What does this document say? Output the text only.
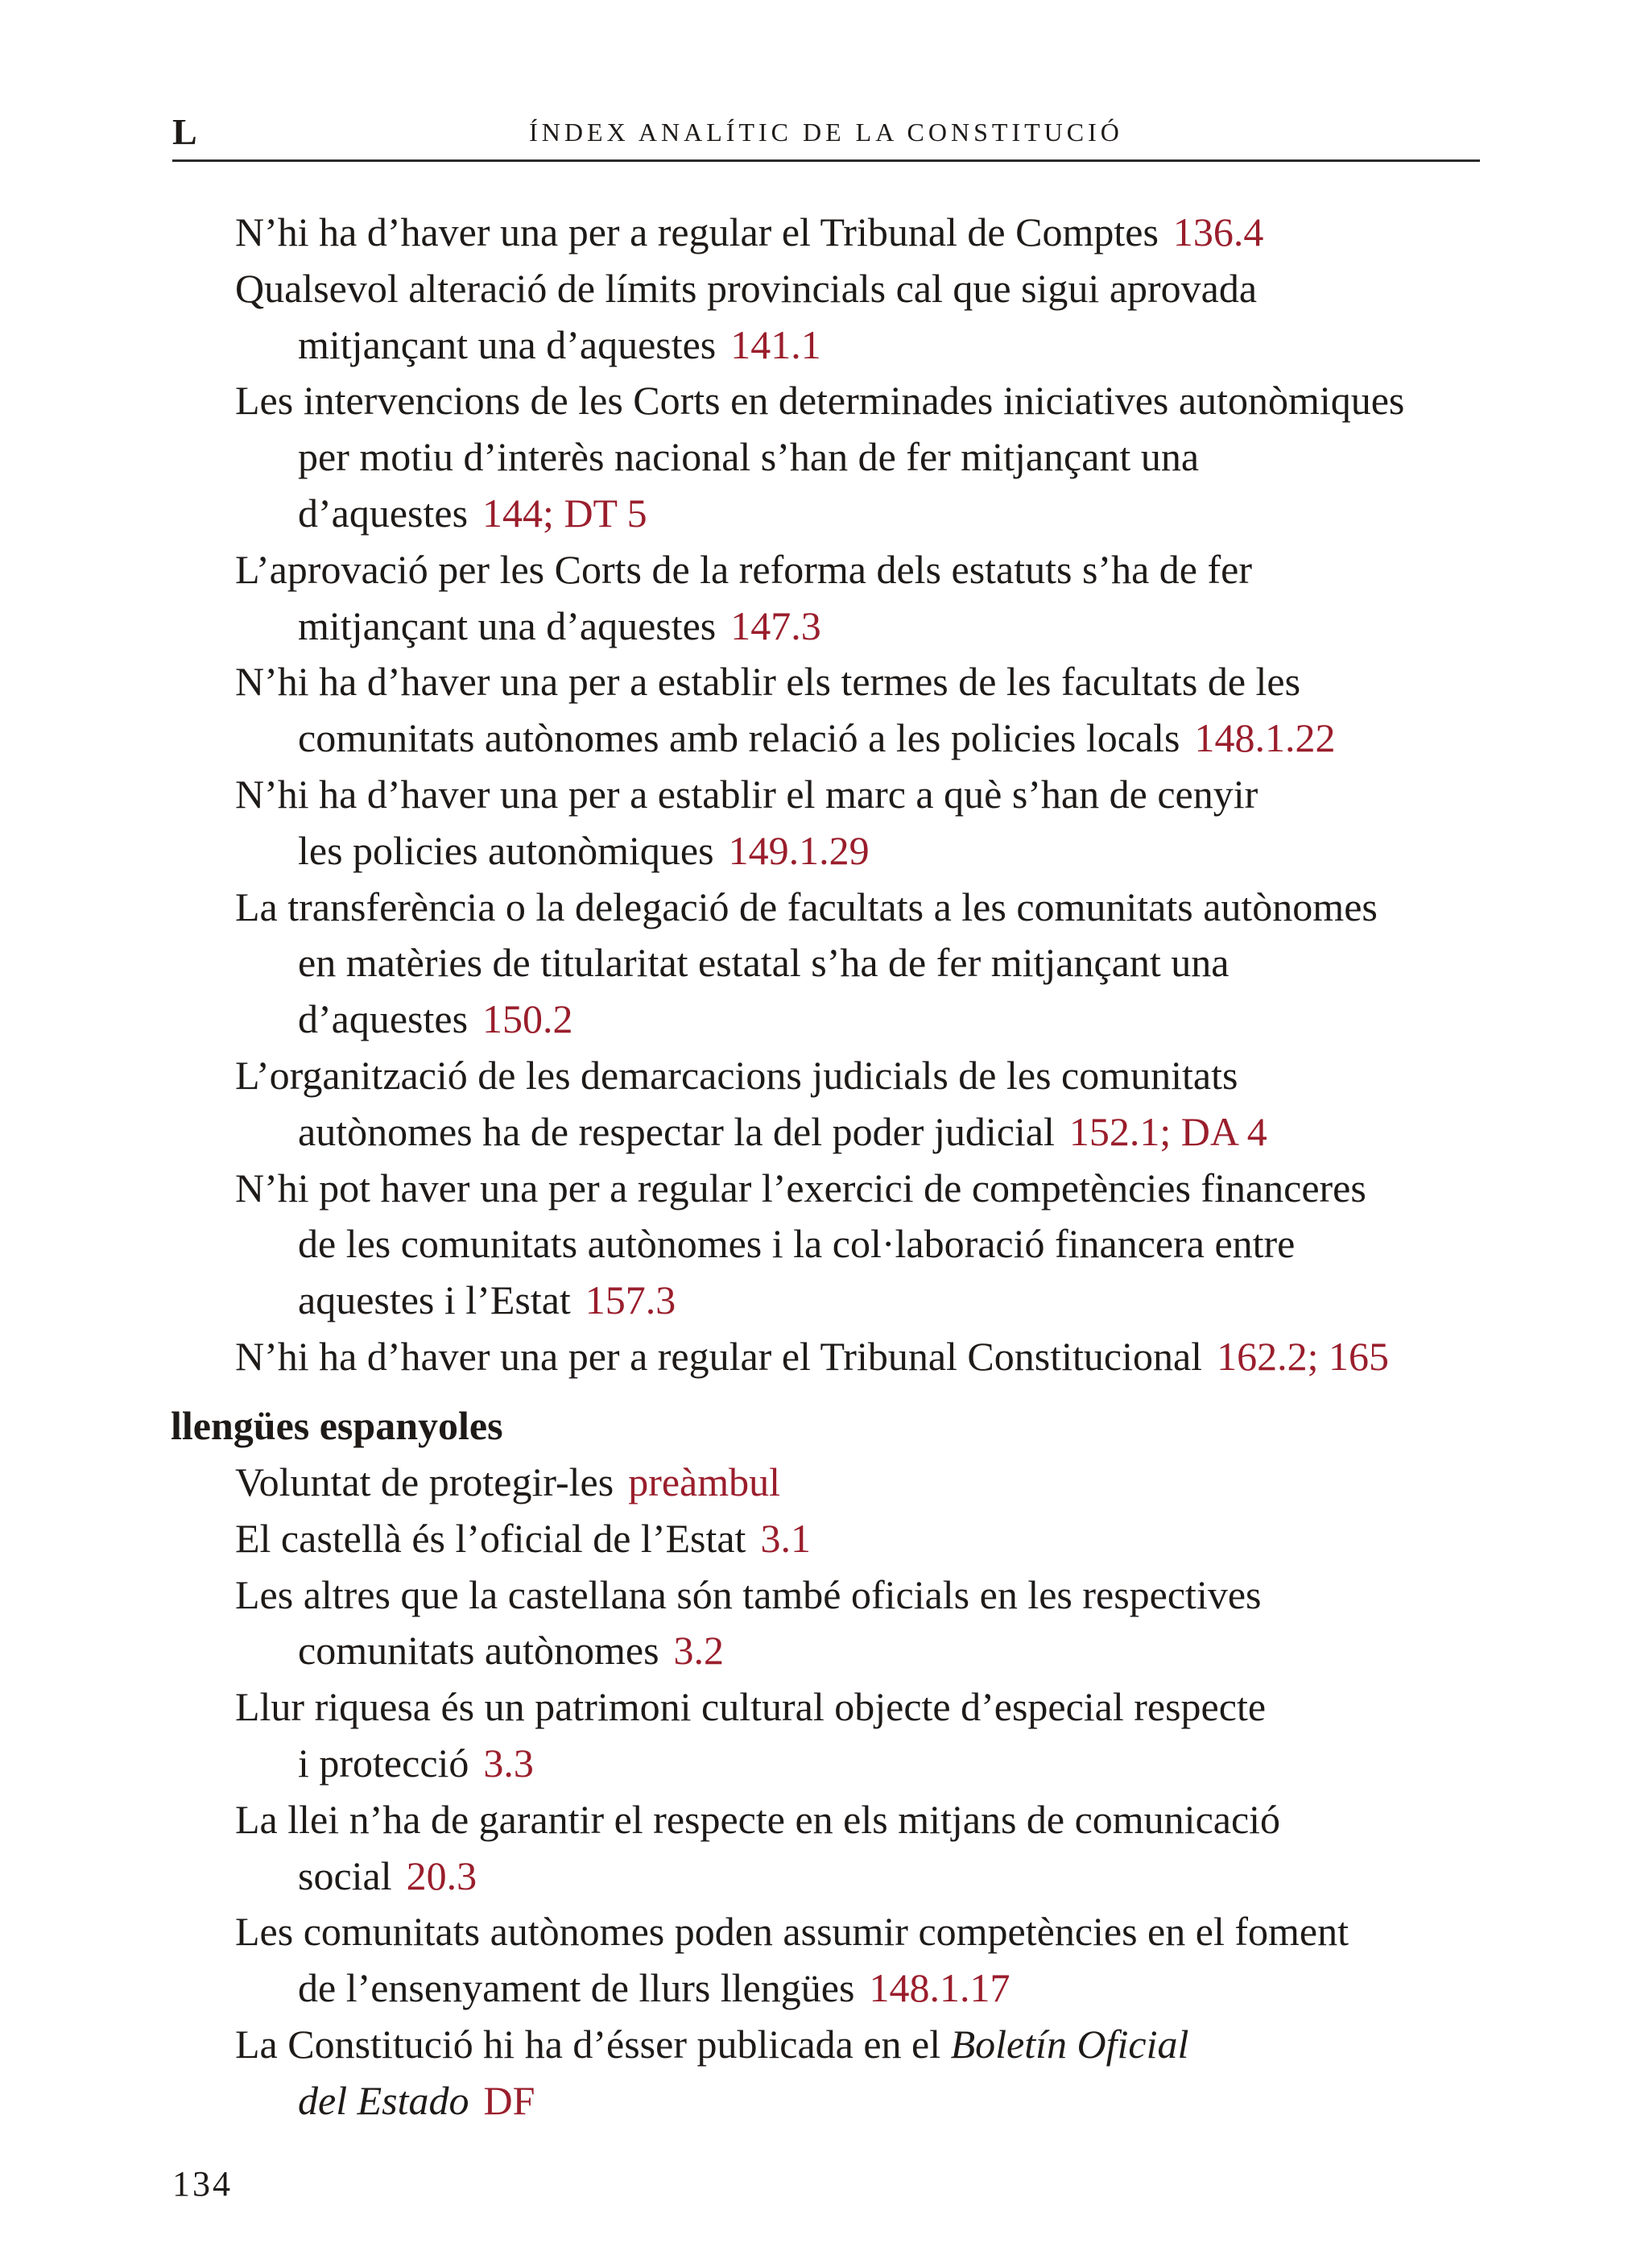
L	ÍNDEX ANALÍTIC DE LA CONSTITUCIÓ
N’hi ha d’haver una per a regular el Tribunal de Comptes 136.4
Qualsevol alteració de límits provincials cal que sigui aprovada
mitjançant una d’aquestes 141.1
Les intervencions de les Corts en determinades iniciatives autonòmiques
per motiu d’interès nacional s’han de fer mitjançant una
d’aquestes 144; DT 5
L’aprovació per les Corts de la reforma dels estatuts s’ha de fer
mitjançant una d’aquestes 147.3
N’hi ha d’haver una per a establir els termes de les facultats de les
comunitats autònomes amb relació a les policies locals 148.1.22
N’hi ha d’haver una per a establir el marc a què s’han de cenyir
les policies autonòmiques 149.1.29
La transferència o la delegació de facultats a les comunitats autònomes
en matèries de titularitat estatal s’ha de fer mitjançant una
d’aquestes 150.2
L’organització de les demarcacions judicials de les comunitats
autònomes ha de respectar la del poder judicial 152.1; DA 4
N’hi pot haver una per a regular l’exercici de competències financeres
de les comunitats autònomes i la col·laboració financera entre
aquestes i l’Estat 157.3
N’hi ha d’haver una per a regular el Tribunal Constitucional 162.2; 165
llengües espanyoles
Voluntat de protegir-les preàmbul
El castellà és l’oficial de l’Estat 3.1
Les altres que la castellana són també oficials en les respectives
comunitats autònomes 3.2
Llur riquesa és un patrimoni cultural objecte d’especial respecte
i protecció 3.3
La llei n’ha de garantir el respecte en els mitjans de comunicació
social 20.3
Les comunitats autònomes poden assumir competències en el foment
de l’ensenyament de llurs llengües 148.1.17
La Constitució hi ha d’ésser publicada en el Boletín Oficial
del Estado DF
134
